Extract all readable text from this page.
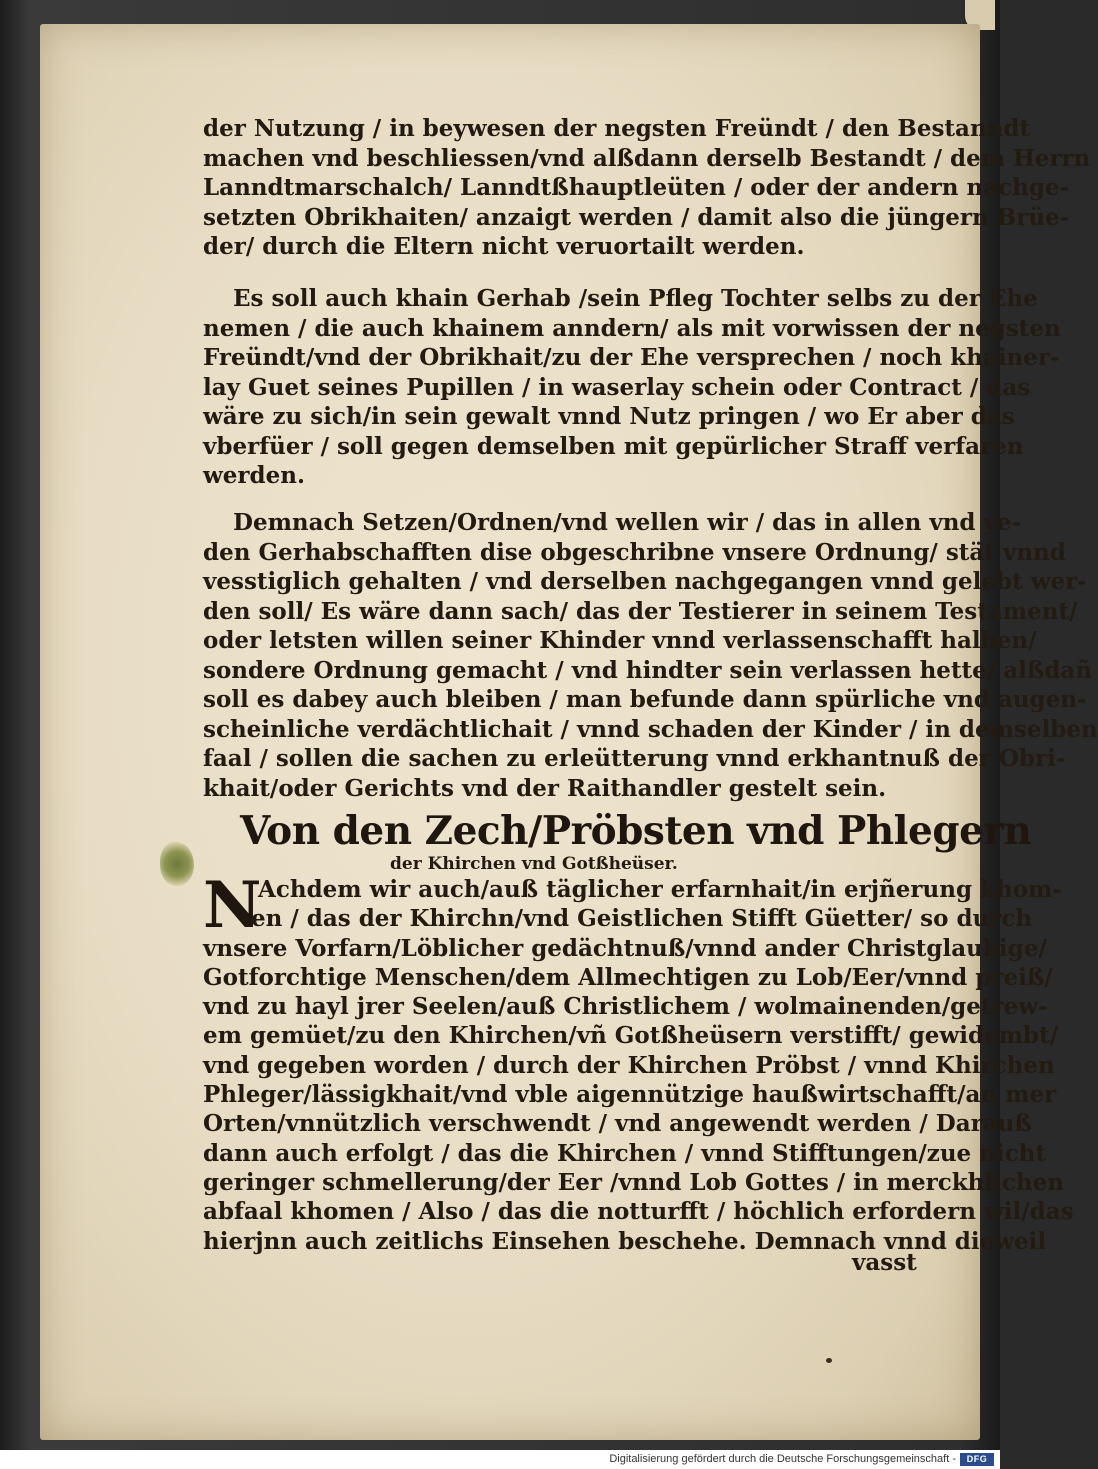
der Nutzung / in beywesen der negsten Freündt / den Bestanndt
machen vnd beschliessen/vnd alßdann derselb Bestandt / dem Herrn
Lanndtmarschalch/ Lanndtßhauptleüten / oder der andern nachge-
setzten Obrikhaiten/ anzaigt werden / damit also die jüngern Brüe-
der/ durch die Eltern nicht veruortailt werden.
Es soll auch khain Gerhab /sein Pfleg Tochter selbs zu der Ehe
nemen / die auch khainem anndern/ als mit vorwissen der negsten
Freündt/vnd der Obrikhait/zu der Ehe versprechen / noch khainer-
lay Guet seines Pupillen / in waserlay schein oder Contract / das
wäre zu sich/in sein gewalt vnnd Nutz pringen / wo Er aber das
vberfüer / soll gegen demselben mit gepürlicher Straff verfaren
werden.
Demnach Setzen/Ordnen/vnd wellen wir / das in allen vnd ye-
den Gerhabschafften dise obgeschribne vnsere Ordnung/ stät vnnd
vesstiglich gehalten / vnd derselben nachgegangen vnnd gelebt wer-
den soll/ Es wäre dann sach/ das der Testierer in seinem Testament/
oder letsten willen seiner Khinder vnnd verlassenschafft halben/
sondere Ordnung gemacht / vnd hindter sein verlassen hette/ alßdañ
soll es dabey auch bleiben / man befunde dann spürliche vnd augen-
scheinliche verdächtlichait / vnnd schaden der Kinder / in demselben
faal / sollen die sachen zu erleütterung vnnd erkhantnuß der Obri-
khait/oder Gerichts vnd der Raithandler gestelt sein.
Von den Zech/Pröbsten vnd Phlegern
der Khirchen vnd Gotßheüser.
N
Achdem wir auch/auß täglicher erfarnhait/in erjñerung khom-
en / das der Khirchn/vnd Geistlichen Stifft Güetter/ so durch
vnsere Vorfarn/Löblicher gedächtnuß/vnnd ander Christglaubige/
Gotforchtige Menschen/dem Allmechtigen zu Lob/Eer/vnnd preiß/
vnd zu hayl jrer Seelen/auß Christlichem / wolmainenden/getrew-
em gemüet/zu den Khirchen/vñ Gotßheüsern verstifft/ gewidembt/
vnd gegeben worden / durch der Khirchen Pröbst / vnnd Khirchen
Phleger/lässigkhait/vnd vble aigennützige haußwirtschafft/an mer
Orten/vnnützlich verschwendt / vnd angewendt werden / Darauß
dann auch erfolgt / das die Khirchen / vnnd Stifftungen/zue nicht
geringer schmellerung/der Eer /vnnd Lob Gottes / in merckhlichen
abfaal khomen / Also / das die notturfft / höchlich erfordern wil/das
hierjnn auch zeitlichs Einsehen beschehe. Demnach vnnd dieweil
vasst
Digitalisierung gefördert durch die Deutsche Forschungsgemeinschaft -	DFG
